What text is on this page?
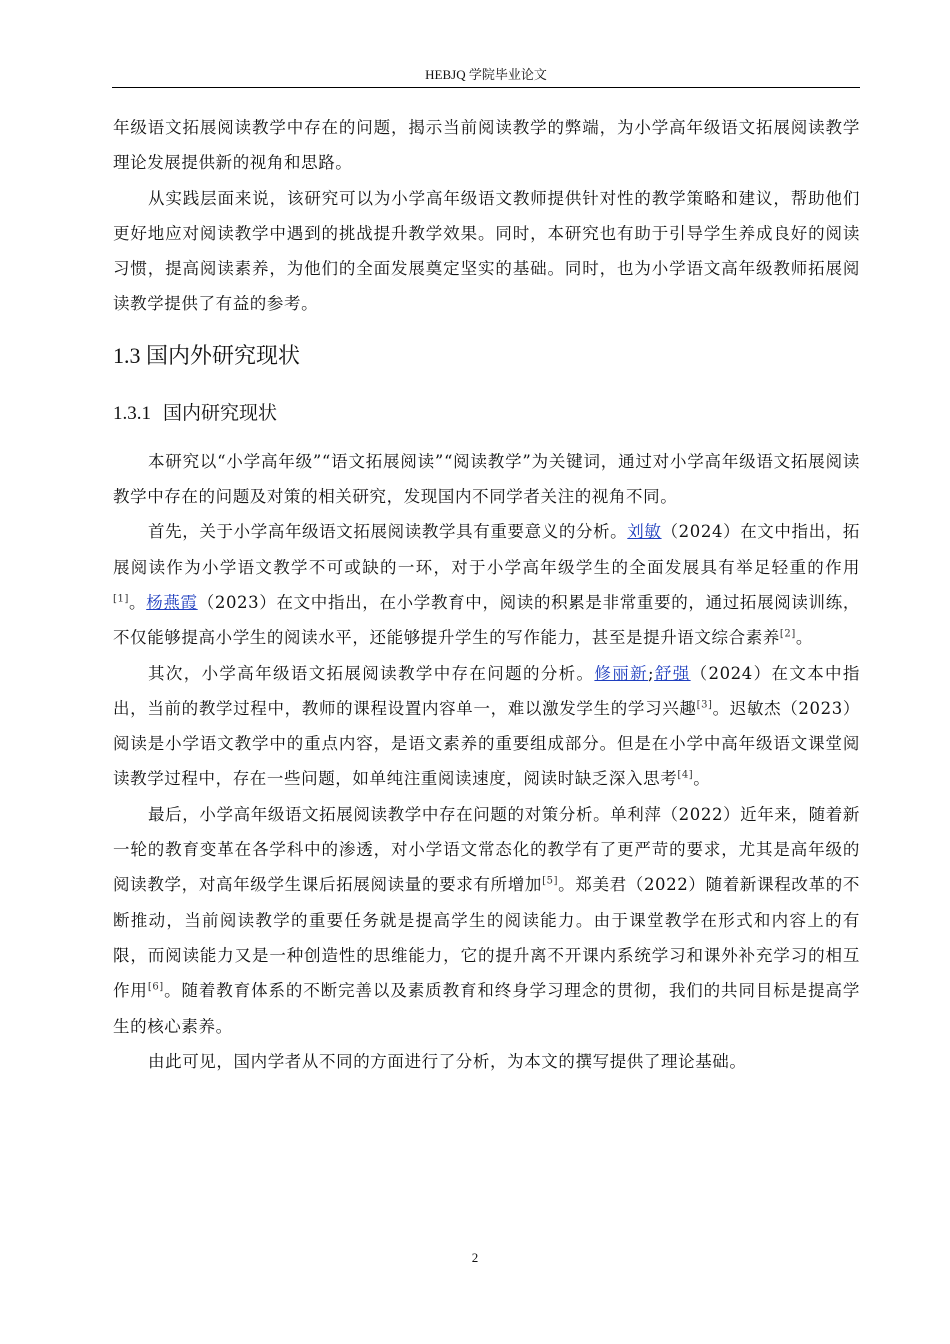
HEBJQ 学院毕业论文

年级语文拓展阅读教学中存在的问题，揭示当前阅读教学的弊端，为小学高年级语文拓展阅读教学理论发展提供新的视角和思路。

从实践层面来说，该研究可以为小学高年级语文教师提供针对性的教学策略和建议，帮助他们更好地应对阅读教学中遇到的挑战提升教学效果。同时，本研究也有助于引导学生养成良好的阅读习惯，提高阅读素养，为他们的全面发展奠定坚实的基础。同时，也为小学语文高年级教师拓展阅读教学提供了有益的参考。

1.3 国内外研究现状
1.3.1 国内研究现状

本研究以“小学高年级”“语文拓展阅读”“阅读教学”为关键词，通过对小学高年级语文拓展阅读教学中存在的问题及对策的相关研究，发现国内不同学者关注的视角不同。

首先，关于小学高年级语文拓展阅读教学具有重要意义的分析。刘敏（2024）在文中指出，拓展阅读作为小学语文教学不可或缺的一环，对于小学高年级学生的全面发展具有举足轻重的作用[1]。杨燕霞（2023）在文中指出，在小学教育中，阅读的积累是非常重要的，通过拓展阅读训练，不仅能够提高小学生的阅读水平，还能够提升学生的写作能力，甚至是提升语文综合素养[2]。

其次，小学高年级语文拓展阅读教学中存在问题的分析。修丽新;舒强（2024）在文本中指出，当前的教学过程中，教师的课程设置内容单一，难以激发学生的学习兴趣[3]。迟敏杰（2023）阅读是小学语文教学中的重点内容，是语文素养的重要组成部分。但是在小学中高年级语文课堂阅读教学过程中，存在一些问题，如单纯注重阅读速度，阅读时缺乏深入思考[4]。

最后，小学高年级语文拓展阅读教学中存在问题的对策分析。单利萍（2022）近年来，随着新一轮的教育变革在各学科中的渗透，对小学语文常态化的教学有了更严苛的要求，尤其是高年级的阅读教学，对高年级学生课后拓展阅读量的要求有所增加[5]。郑美君（2022）随着新课程改革的不断推动，当前阅读教学的重要任务就是提高学生的阅读能力。由于课堂教学在形式和内容上的有限，而阅读能力又是一种创造性的思维能力，它的提升离不开课内系统学习和课外补充学习的相互作用[6]。随着教育体系的不断完善以及素质教育和终身学习理念的贯彻，我们的共同目标是提高学生的核心素养。

由此可见，国内学者从不同的方面进行了分析，为本文的撰写提供了理论基础。

2
